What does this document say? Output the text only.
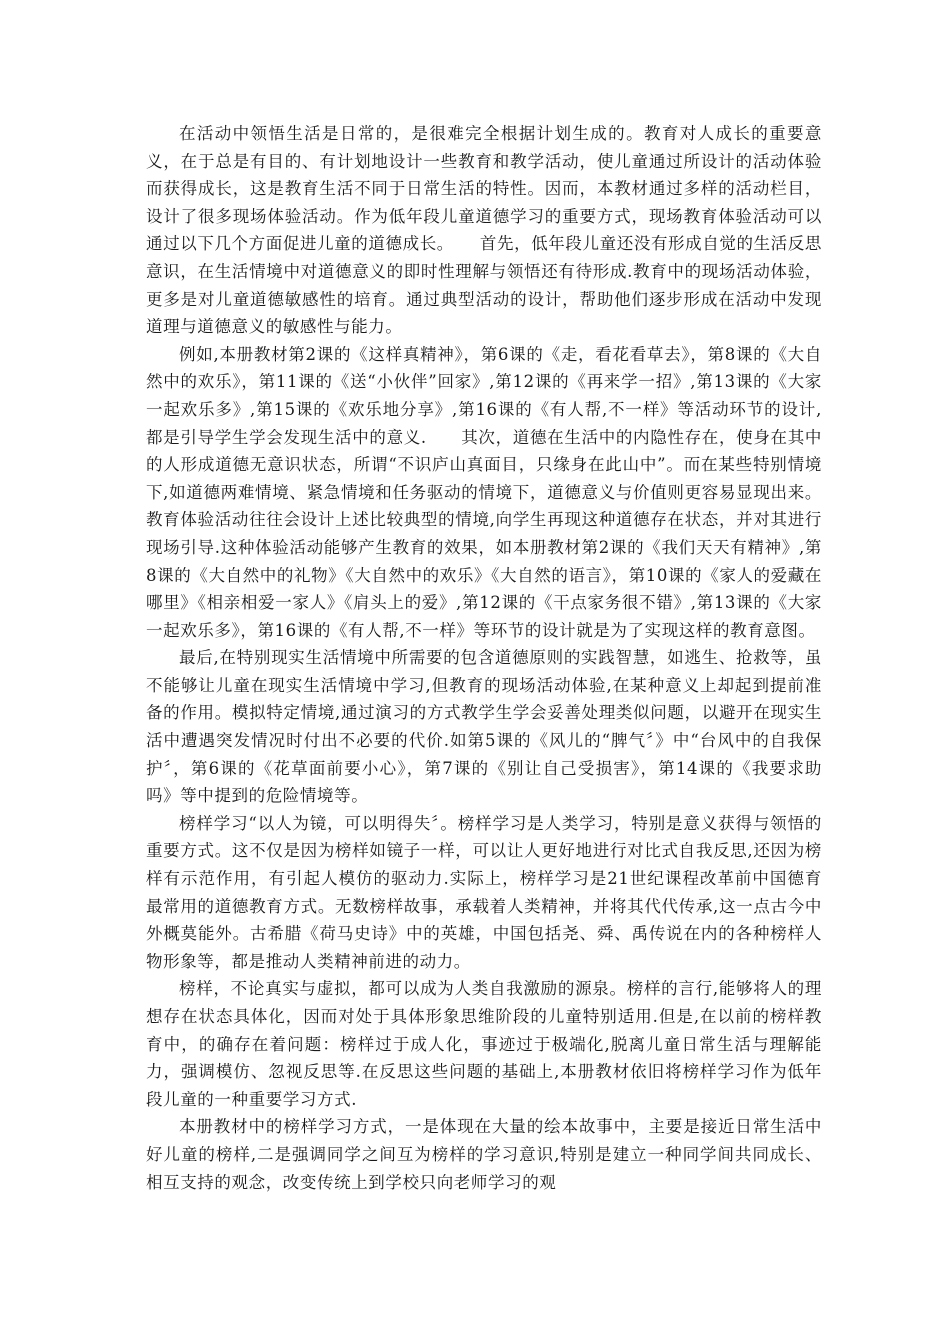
在活动中领悟生活是日常的，是很难完全根据计划生成的。教育对人成长的重要意义，在于总是有目的、有计划地设计一些教育和教学活动，使儿童通过所设计的活动体验而获得成长，这是教育生活不同于日常生活的特性。因而，本教材通过多样的活动栏目，设计了很多现场体验活动。作为低年段儿童道德学习的重要方式，现场教育体验活动可以通过以下几个方面促进儿童的道德成长。　　首先，低年段儿童还没有形成自觉的生活反思意识，在生活情境中对道德意义的即时性理解与领悟还有待形成.教育中的现场活动体验，更多是对儿童道德敏感性的培育。通过典型活动的设计，帮助他们逐步形成在活动中发现道理与道德意义的敏感性与能力。

例如,本册教材第2课的《这样真精神》，第6课的《走，看花看草去》，第8课的《大自然中的欢乐》，第11课的《送“小伙伴”回家》,第12课的《再来学一招》,第13课的《大家一起欢乐多》,第15课的《欢乐地分享》,第16课的《有人帮,不一样》等活动环节的设计,都是引导学生学会发现生活中的意义.　　其次，道德在生活中的内隐性存在，使身在其中的人形成道德无意识状态，所谓“不识庐山真面目，只缘身在此山中”。而在某些特别情境下,如道德两难情境、紧急情境和任务驱动的情境下，道德意义与价值则更容易显现出来。教育体验活动往往会设计上述比较典型的情境,向学生再现这种道德存在状态，并对其进行现场引导.这种体验活动能够产生教育的效果，如本册教材第2课的《我们天天有精神》,第8课的《大自然中的礼物》《大自然中的欢乐》《大自然的语言》，第10课的《家人的爱藏在哪里》《相亲相爱一家人》《肩头上的爱》,第12课的《干点家务很不错》,第13课的《大家一起欢乐多》，第16课的《有人帮,不一样》等环节的设计就是为了实现这样的教育意图。

最后,在特别现实生活情境中所需要的包含道德原则的实践智慧，如逃生、抢救等，虽不能够让儿童在现实生活情境中学习,但教育的现场活动体验,在某种意义上却起到提前准备的作用。模拟特定情境,通过演习的方式教学生学会妥善处理类似问题，以避开在现实生活中遭遇突发情况时付出不必要的代价.如第5课的《风儿的“脾气〞》中“台风中的自我保护〞，第6课的《花草面前要小心》，第7课的《别让自己受损害》，第14课的《我要求助吗》等中提到的危险情境等。

榜样学习“以人为镜，可以明得失〞。榜样学习是人类学习，特别是意义获得与领悟的重要方式。这不仅是因为榜样如镜子一样，可以让人更好地进行对比式自我反思,还因为榜样有示范作用，有引起人模仿的驱动力.实际上，榜样学习是21世纪课程改革前中国德育最常用的道德教育方式。无数榜样故事，承载着人类精神，并将其代代传承,这一点古今中外概莫能外。古希腊《荷马史诗》中的英雄，中国包括尧、舜、禹传说在内的各种榜样人物形象等，都是推动人类精神前进的动力。

榜样，不论真实与虚拟，都可以成为人类自我激励的源泉。榜样的言行,能够将人的理想存在状态具体化，因而对处于具体形象思维阶段的儿童特别适用.但是,在以前的榜样教育中，的确存在着问题：榜样过于成人化，事迹过于极端化,脱离儿童日常生活与理解能力，强调模仿、忽视反思等.在反思这些问题的基础上,本册教材依旧将榜样学习作为低年段儿童的一种重要学习方式.

本册教材中的榜样学习方式，一是体现在大量的绘本故事中，主要是接近日常生活中好儿童的榜样,二是强调同学之间互为榜样的学习意识,特别是建立一种同学间共同成长、相互支持的观念，改变传统上到学校只向老师学习的观
